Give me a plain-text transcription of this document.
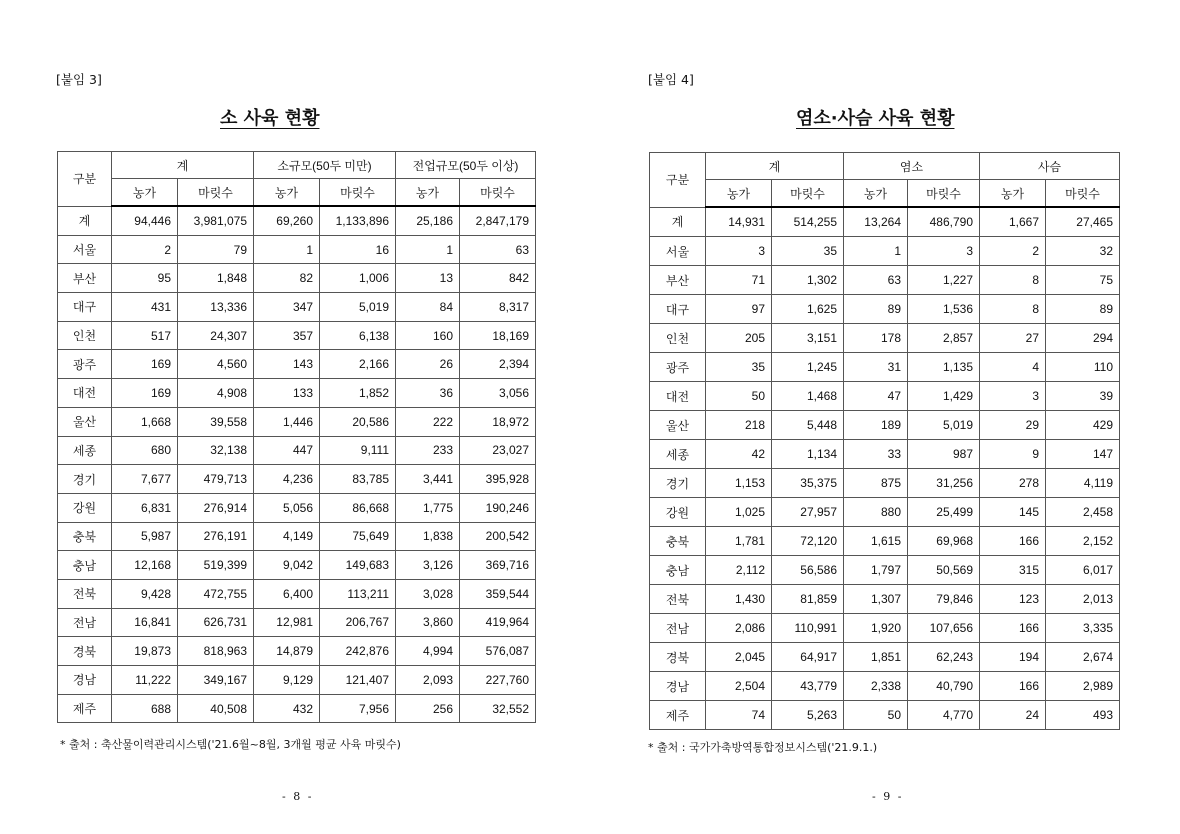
[붙임 3]
소 사육 현황
구분	계		소규모(50두 미만)		전업규모(50두 이상)	
	농가	마릿수	농가	마릿수	농가	마릿수
계	94,446	3,981,075	69,260	1,133,896	25,186	2,847,179
서울	2	79	1	16	1	63
부산	95	1,848	82	1,006	13	842
대구	431	13,336	347	5,019	84	8,317
인천	517	24,307	357	6,138	160	18,169
광주	169	4,560	143	2,166	26	2,394
대전	169	4,908	133	1,852	36	3,056
울산	1,668	39,558	1,446	20,586	222	18,972
세종	680	32,138	447	9,111	233	23,027
경기	7,677	479,713	4,236	83,785	3,441	395,928
강원	6,831	276,914	5,056	86,668	1,775	190,246
충북	5,987	276,191	4,149	75,649	1,838	200,542
충남	12,168	519,399	9,042	149,683	3,126	369,716
전북	9,428	472,755	6,400	113,211	3,028	359,544
전남	16,841	626,731	12,981	206,767	3,860	419,964
경북	19,873	818,963	14,879	242,876	4,994	576,087
경남	11,222	349,167	9,129	121,407	2,093	227,760
제주	688	40,508	432	7,956	256	32,552
* 출처 : 축산물이력관리시스템('21.6월~8월, 3개월 평균 사육 마릿수)
- 8 -
[붙임 4]
염소·사슴 사육 현황
구분	계		염소		사슴	
	농가	마릿수	농가	마릿수	농가	마릿수
계	14,931	514,255	13,264	486,790	1,667	27,465
서울	3	35	1	3	2	32
부산	71	1,302	63	1,227	8	75
대구	97	1,625	89	1,536	8	89
인천	205	3,151	178	2,857	27	294
광주	35	1,245	31	1,135	4	110
대전	50	1,468	47	1,429	3	39
울산	218	5,448	189	5,019	29	429
세종	42	1,134	33	987	9	147
경기	1,153	35,375	875	31,256	278	4,119
강원	1,025	27,957	880	25,499	145	2,458
충북	1,781	72,120	1,615	69,968	166	2,152
충남	2,112	56,586	1,797	50,569	315	6,017
전북	1,430	81,859	1,307	79,846	123	2,013
전남	2,086	110,991	1,920	107,656	166	3,335
경북	2,045	64,917	1,851	62,243	194	2,674
경남	2,504	43,779	2,338	40,790	166	2,989
제주	74	5,263	50	4,770	24	493
* 출처 : 국가가축방역통합정보시스템('21.9.1.)
- 9 -
